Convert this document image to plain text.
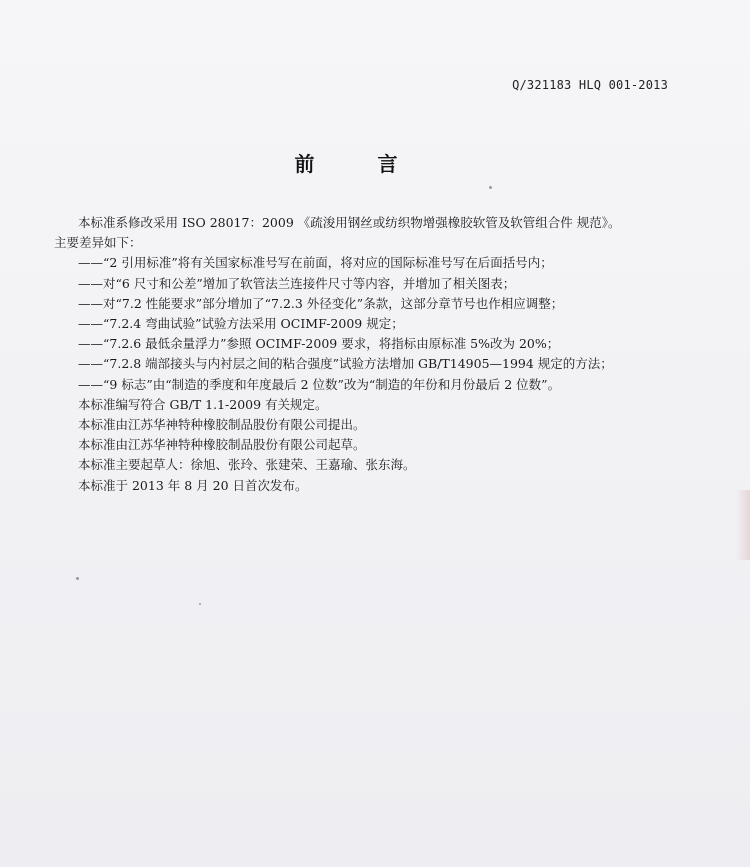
Q/321183 HLQ 001-2013
前 言
本标准系修改采用 ISO 28017：2009 《疏浚用钢丝或纺织物增强橡胶软管及软管组合件 规范》。
主要差异如下：
——“2 引用标准”将有关国家标准号写在前面，将对应的国际标准号写在后面括号内；
——对“6 尺寸和公差”增加了软管法兰连接件尺寸等内容，并增加了相关图表；
——对“7.2 性能要求”部分增加了“7.2.3 外径变化”条款，这部分章节号也作相应调整；
——“7.2.4 弯曲试验”试验方法采用 OCIMF-2009 规定；
——“7.2.6 最低余量浮力”参照 OCIMF-2009 要求，将指标由原标准 5%改为 20%；
——“7.2.8 端部接头与内衬层之间的粘合强度”试验方法增加 GB/T14905—1994 规定的方法；
——“9 标志”由“制造的季度和年度最后 2 位数”改为“制造的年份和月份最后 2 位数”。
本标准编写符合 GB/T 1.1-2009 有关规定。
本标准由江苏华神特种橡胶制品股份有限公司提出。
本标准由江苏华神特种橡胶制品股份有限公司起草。
本标准主要起草人：徐旭、张玲、张建荣、王嘉瑜、张东海。
本标准于 2013 年 8 月 20 日首次发布。
